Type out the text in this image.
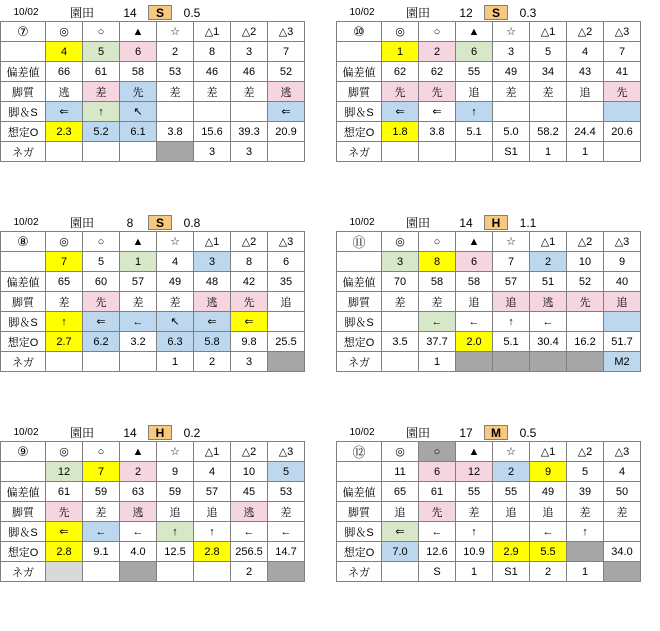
10/02	園田	14	S	0.5
⑦	◎	○	▲	☆	△1	△2	△3
	4	5	6	2	8	3	7
偏差値	66	61	58	53	46	46	52
脚質	逃	差	先	差	差	差	逃
脚＆S	⇐	↑	↖				⇐
想定O	2.3	5.2	6.1	3.8	15.6	39.3	20.9
ネガ					3	3	
10/02	園田	12	S	0.3
⑩	◎	○	▲	☆	△1	△2	△3
	1	2	6	3	5	4	7
偏差値	62	62	55	49	34	43	41
脚質	先	先	追	差	差	追	先
脚＆S	⇐	⇐	↑				
想定O	1.8	3.8	5.1	5.0	58.2	24.4	20.6
ネガ				S1	1	1	
10/02	園田	8	S	0.8
⑧	◎	○	▲	☆	△1	△2	△3
	7	5	1	4	3	8	6
偏差値	65	60	57	49	48	42	35
脚質	差	先	差	差	逃	先	追
脚＆S	↑	⇐	←	↖	⇐	⇐	
想定O	2.7	6.2	3.2	6.3	5.8	9.8	25.5
ネガ				1	2	3	
10/02	園田	14	H	1.1
⑪	◎	○	▲	☆	△1	△2	△3
	3	8	6	7	2	10	9
偏差値	70	58	58	57	51	52	40
脚質	差	差	追	追	逃	先	追
脚＆S		←	←	↑	←		
想定O	3.5	37.7	2.0	5.1	30.4	16.2	51.7
ネガ		1					M2
10/02	園田	14	H	0.2
⑨	◎	○	▲	☆	△1	△2	△3
	12	7	2	9	4	10	5
偏差値	61	59	63	59	57	45	53
脚質	先	差	逃	追	追	逃	差
脚＆S	⇐	←	←	↑	↑	←	←
想定O	2.8	9.1	4.0	12.5	2.8	256.5	14.7
ネガ						2	
10/02	園田	17	M	0.5
⑫	◎	○	▲	☆	△1	△2	△3
	11	6	12	2	9	5	4
偏差値	65	61	55	55	49	39	50
脚質	追	先	差	追	追	差	差
脚＆S	⇐	←	↑		←	↑	
想定O	7.0	12.6	10.9	2.9	5.5		34.0
ネガ		S	1	S1	2	1	
